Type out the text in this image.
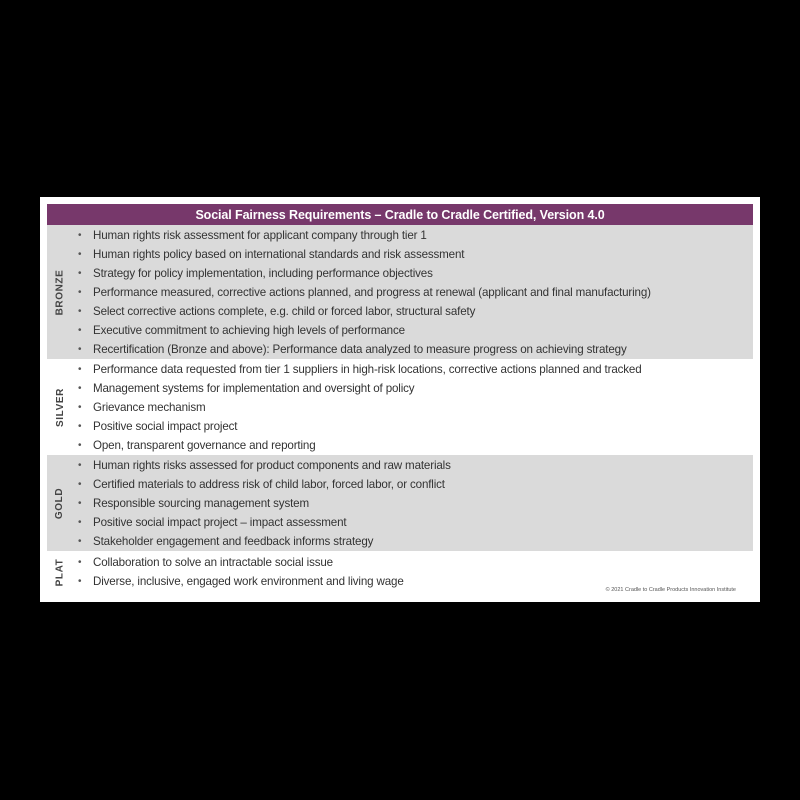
Social Fairness Requirements – Cradle to Cradle Certified, Version 4.0
BRONZE
• Human rights risk assessment for applicant company through tier 1
• Human rights policy based on international standards and risk assessment
• Strategy for policy implementation, including performance objectives
• Performance measured, corrective actions planned, and progress at renewal (applicant and final manufacturing)
• Select corrective actions complete, e.g. child or forced labor, structural safety
• Executive commitment to achieving high levels of performance
• Recertification (Bronze and above): Performance data analyzed to measure progress on achieving strategy
SILVER
• Performance data requested from tier 1 suppliers in high-risk locations, corrective actions planned and tracked
• Management systems for implementation and oversight of policy
• Grievance mechanism
• Positive social impact project
• Open, transparent governance and reporting
GOLD
• Human rights risks assessed for product components and raw materials
• Certified materials to address risk of child labor, forced labor, or conflict
• Responsible sourcing management system
• Positive social impact project – impact assessment
• Stakeholder engagement and feedback informs strategy
PLAT • Collaboration to solve an intractable social issue
• Diverse, inclusive, engaged work environment and living wage
© 2021 Cradle to Cradle Products Innovation Institute
